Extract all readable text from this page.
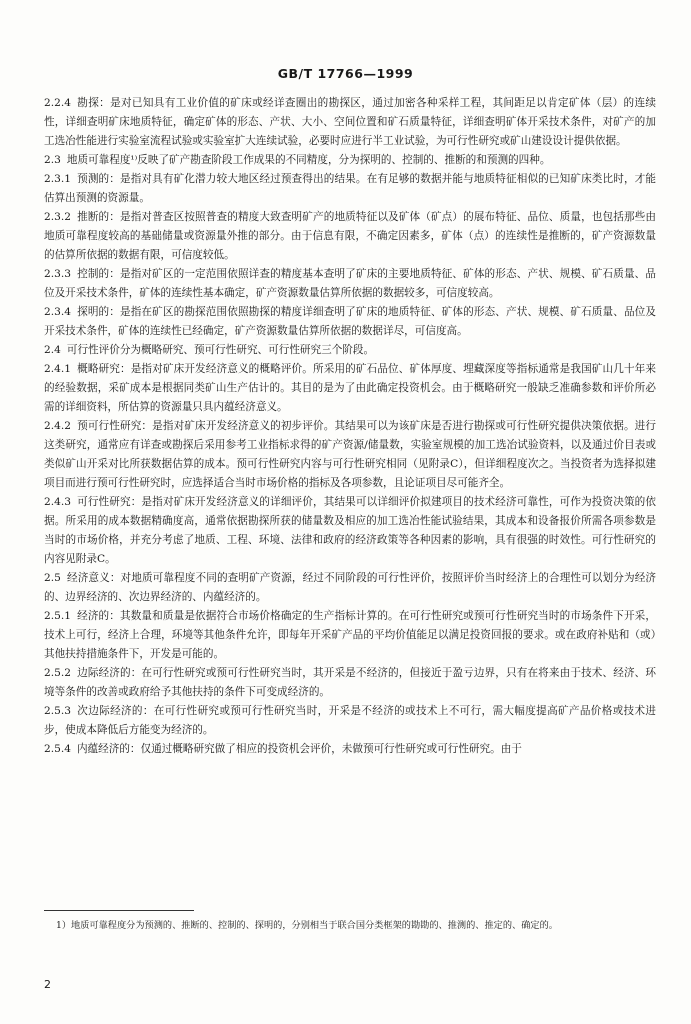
GB/T 17766—1999

2.2.4 勘探：是对已知具有工业价值的矿床或经详查圈出的勘探区，通过加密各种采样工程，其间距足以肯定矿体（层）的连续性，详细查明矿床地质特征，确定矿体的形态、产状、大小、空间位置和矿石质量特征，详细查明矿体开采技术条件，对矿产的加工选冶性能进行实验室流程试验或实验室扩大连续试验，必要时应进行半工业试验，为可行性研究或矿山建设设计提供依据。

2.3 地质可靠程度¹⁾反映了矿产勘查阶段工作成果的不同精度，分为探明的、控制的、推断的和预测的四种。

2.3.1 预测的：是指对具有矿化潜力较大地区经过预查得出的结果。在有足够的数据并能与地质特征相似的已知矿床类比时，才能估算出预测的资源量。

2.3.2 推断的：是指对普查区按照普查的精度大致查明矿产的地质特征以及矿体（矿点）的展布特征、品位、质量，也包括那些由地质可靠程度较高的基础储量或资源量外推的部分。由于信息有限，不确定因素多，矿体（点）的连续性是推断的，矿产资源数量的估算所依据的数据有限，可信度较低。

2.3.3 控制的：是指对矿区的一定范围依照详查的精度基本查明了矿床的主要地质特征、矿体的形态、产状、规模、矿石质量、品位及开采技术条件，矿体的连续性基本确定，矿产资源数量估算所依据的数据较多，可信度较高。

2.3.4 探明的：是指在矿区的勘探范围依照勘探的精度详细查明了矿床的地质特征、矿体的形态、产状、规模、矿石质量、品位及开采技术条件，矿体的连续性已经确定，矿产资源数量估算所依据的数据详尽，可信度高。

2.4 可行性评价分为概略研究、预可行性研究、可行性研究三个阶段。

2.4.1 概略研究：是指对矿床开发经济意义的概略评价。所采用的矿石品位、矿体厚度、埋藏深度等指标通常是我国矿山几十年来的经验数据，采矿成本是根据同类矿山生产估计的。其目的是为了由此确定投资机会。由于概略研究一般缺乏准确参数和评价所必需的详细资料，所估算的资源量只具内蕴经济意义。

2.4.2 预可行性研究：是指对矿床开发经济意义的初步评价。其结果可以为该矿床是否进行勘探或可行性研究提供决策依据。进行这类研究，通常应有详查或勘探后采用参考工业指标求得的矿产资源/储量数，实验室规模的加工选冶试验资料，以及通过价目表或类似矿山开采对比所获数据估算的成本。预可行性研究内容与可行性研究相同（见附录C），但详细程度次之。当投资者为选择拟建项目而进行预可行性研究时，应选择适合当时市场价格的指标及各项参数，且论证项目尽可能齐全。

2.4.3 可行性研究：是指对矿床开发经济意义的详细评价，其结果可以详细评价拟建项目的技术经济可靠性，可作为投资决策的依据。所采用的成本数据精确度高，通常依据勘探所获的储量数及相应的加工选冶性能试验结果，其成本和设备报价所需各项参数是当时的市场价格，并充分考虑了地质、工程、环境、法律和政府的经济政策等各种因素的影响，具有很强的时效性。可行性研究的内容见附录C。

2.5 经济意义：对地质可靠程度不同的查明矿产资源，经过不同阶段的可行性评价，按照评价当时经济上的合理性可以划分为经济的、边界经济的、次边界经济的、内蕴经济的。

2.5.1 经济的：其数量和质量是依据符合市场价格确定的生产指标计算的。在可行性研究或预可行性研究当时的市场条件下开采，技术上可行，经济上合理，环境等其他条件允许，即每年开采矿产品的平均价值能足以满足投资回报的要求。或在政府补贴和（或）其他扶持措施条件下，开发是可能的。

2.5.2 边际经济的：在可行性研究或预可行性研究当时，其开采是不经济的，但接近于盈亏边界，只有在将来由于技术、经济、环境等条件的改善或政府给予其他扶持的条件下可变成经济的。

2.5.3 次边际经济的：在可行性研究或预可行性研究当时，开采是不经济的或技术上不可行，需大幅度提高矿产品价格或技术进步，使成本降低后方能变为经济的。

2.5.4 内蕴经济的：仅通过概略研究做了相应的投资机会评价，未做预可行性研究或可行性研究。由于

1）地质可靠程度分为预测的、推断的、控制的、探明的，分别相当于联合国分类框架的勘勘的、推测的、推定的、确定的。
2
